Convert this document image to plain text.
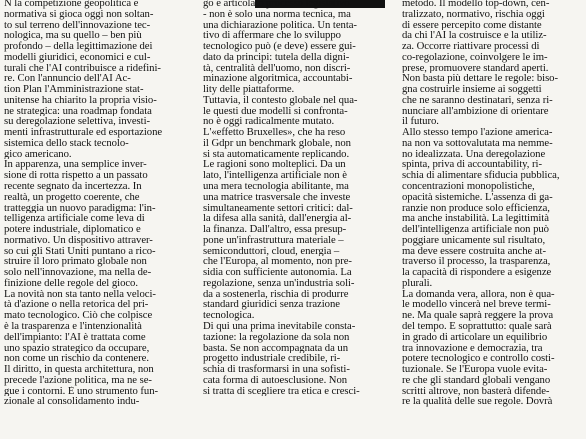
N la competizione geopolitica e
normativa si gioca oggi non soltan-
to sul terreno dell'innovazione tec-
nologica, ma su quello – ben più
profondo – della legittimazione dei
modelli giuridici, economici e cul-
turali che l'AI contribuisce a ridefini-
re. Con l'annuncio dell'AI Ac-
tion Plan l'Amministrazione stat-
unitense ha chiarito la propria visio-
ne strategica: una roadmap fondata
su deregolazione selettiva, investi-
menti infrastrutturale ed esportazione
sistemica dello stack tecnolo-
gico americano.
In apparenza, una semplice inver-
sione di rotta rispetto a un passato
recente segnato da incertezza. In
realtà, un progetto coerente, che
tratteggia un nuovo paradigma: l'in-
telligenza artificiale come leva di
potere industriale, diplomatico e
normativo. Un dispositivo attraver-
so cui gli Stati Uniti puntano a rico-
struire il loro primato globale non
solo nell'innovazione, ma nella de-
finizione delle regole del gioco.
La novità non sta tanto nella veloci-
tà d'azione o nella retorica del pri-
mato tecnologico. Ciò che colpisce
è la trasparenza e l'intenzionalità
dell'impianto: l'AI è trattata come
uno spazio strategico da occupare,
non come un rischio da contenere.
Il diritto, in questa architettura, non
precede l'azione politica, ma ne se-
gue i contorni. È uno strumento fun-
zionale al consolidamento indu-
go e articolato processo legislativo
- non è solo una norma tecnica, ma
una dichiarazione politica. Un tenta-
tivo di affermare che lo sviluppo
tecnologico può (e deve) essere gui-
dato da principi: tutela della digni-
tà, centralità dell'uomo, non discri-
minazione algoritmica, accountabi-
lity delle piattaforme.
Tuttavia, il contesto globale nel qua-
le questi due modelli si confronta-
no è oggi radicalmente mutato.
L'«effetto Bruxelles», che ha reso
il Gdpr un benchmark globale, non
si sta automaticamente replicando.
Le ragioni sono molteplici. Da un
lato, l'intelligenza artificiale non è
una mera tecnologia abilitante, ma
una matrice trasversale che investe
simultaneamente settori critici: dal-
la difesa alla sanità, dall'energia al-
la finanza. Dall'altro, essa presup-
pone un'infrastruttura materiale –
semiconduttori, cloud, energia –
che l'Europa, al momento, non pre-
sidia con sufficiente autonomia. La
regolazione, senza un'industria soli-
da a sostenerla, rischia di produrre
standard giuridici senza trazione
tecnologica.
Di qui una prima inevitabile consta-
tazione: la regolazione da sola non
basta. Se non accompagnata da un
progetto industriale credibile, ri-
schia di trasformarsi in una sofisti-
cata forma di autoesclusione. Non
si tratta di scegliere tra etica e cresci-
metodo. Il modello top-down, cen-
tralizzato, normativo, rischia oggi
di essere percepito come distante
da chi l'AI la costruisce e la utiliz-
za. Occorre riattivare processi di
co-regolazione, coinvolgere le im-
prese, promuovere standard aperti.
Non basta più dettare le regole: biso-
gna costruirle insieme ai soggetti
che ne saranno destinatari, senza ri-
nunciare all'ambizione di orientare
il futuro.
Allo stesso tempo l'azione america-
na non va sottovalutata ma nemme-
no idealizzata. Una deregolazione
spinta, priva di accountability, ri-
schia di alimentare sfiducia pubblica,
concentrazioni monopolistiche,
opacità sistemiche. L'assenza di ga-
ranzie non produce solo efficienza,
ma anche instabilità. La legittimità
dell'intelligenza artificiale non può
poggiare unicamente sul risultato,
ma deve essere costruita anche at-
traverso il processo, la trasparenza,
la capacità di rispondere a esigenze
plurali.
La domanda vera, allora, non è qua-
le modello vincerà nel breve termi-
ne. Ma quale saprà reggere la prova
del tempo. E soprattutto: quale sarà
in grado di articolare un equilibrio
tra innovazione e democrazia, tra
potere tecnologico e controllo costi-
tuzionale. Se l'Europa vuole evita-
re che gli standard globali vengano
scritti altrove, non basterà difende-
re la qualità delle sue regole. Dovrà
